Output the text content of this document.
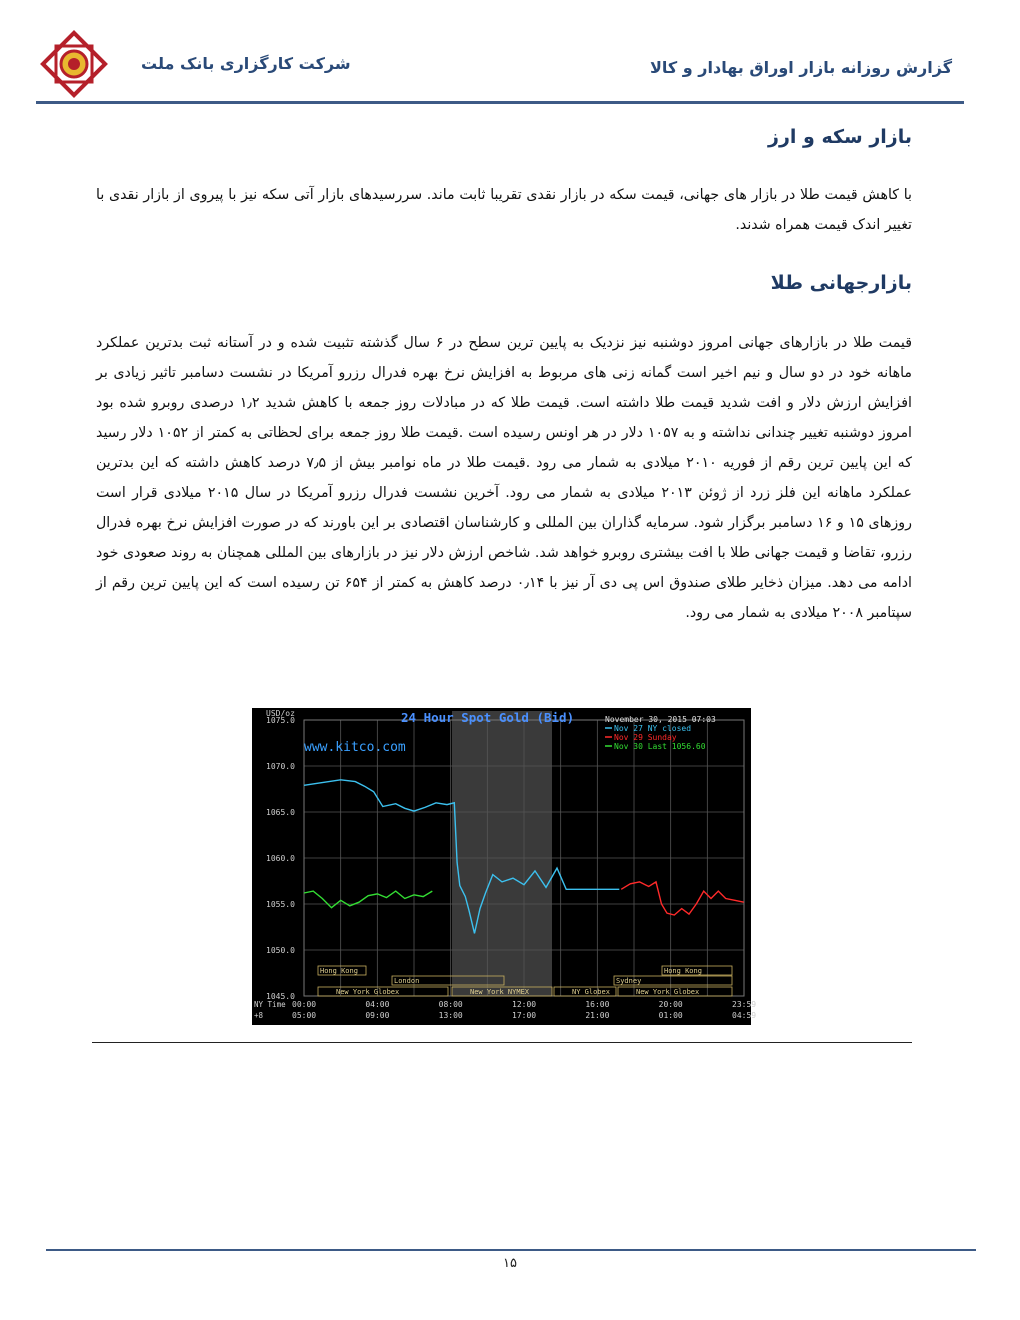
شرکت کارگزاری بانک ملت	گزارش روزانه بازار اوراق بهادار و کالا
بازار سکه و ارز
با کاهش قیمت طلا در بازار های جهانی، قیمت سکه در بازار نقدی تقریبا ثابت ماند. سررسیدهای بازار آتی سکه نیز با پیروی از بازار نقدی با تغییر اندک قیمت همراه شدند.
بازارجهانی طلا
قیمت طلا در بازارهای جهانی امروز دوشنبه نیز نزدیک به پایین ترین سطح در ۶ سال گذشته تثبیت شده و در آستانه ثبت بدترین عملکرد ماهانه خود در دو سال و نیم اخیر است گمانه زنی های مربوط به افزایش نرخ بهره فدرال رزرو آمریکا در نشست دسامبر تاثیر زیادی بر افزایش ارزش دلار و افت شدید قیمت طلا داشته است. قیمت طلا که در مبادلات روز جمعه با کاهش شدید ۱٫۲ درصدی روبرو شده بود امروز دوشنبه تغییر چندانی نداشته و به ۱۰۵۷ دلار در هر اونس رسیده است .قیمت طلا روز جمعه برای لحظاتی به کمتر از ۱۰۵۲ دلار رسید که این پایین ترین رقم از فوریه ۲۰۱۰ میلادی به شمار می رود .قیمت طلا در ماه نوامبر بیش از ۷٫۵ درصد کاهش داشته که این بدترین عملکرد ماهانه این فلز زرد از ژوئن ۲۰۱۳ میلادی به شمار می رود. آخرین نشست فدرال رزرو آمریکا در سال ۲۰۱۵ میلادی قرار است روزهای ۱۵ و ۱۶ دسامبر برگزار شود. سرمایه گذاران بین المللی و کارشناسان اقتصادی بر این باورند که در صورت افزایش نرخ بهره فدرال رزرو، تقاضا و قیمت جهانی طلا با افت بیشتری روبرو خواهد شد. شاخص ارزش دلار نیز در بازارهای بین المللی همچنان به روند صعودی خود ادامه می دهد. میزان ذخایر طلای صندوق اس پی دی آر نیز با ۰٫۱۴ درصد کاهش به کمتر از ۶۵۴ تن رسیده است که این پایین ترین رقم از سپتامبر ۲۰۰۸ میلادی به شمار می رود.
24 Hour Spot Gold (Bid)
www.kitco.com
USD/oz
November 30, 2015 07:03
Nov 27 NY closed
Nov 29 Sunday
Nov 30 Last 1056.60
1075.0
1070.0
1065.0
1060.0
1055.0
1050.0
1045.0
Hong Kong
London
Hong Kong
Sydney
New York Globex	New York NYMEX	NY Globex	New York Globex
NY Time 00:00	04:00	08:00	12:00	16:00	20:00	23:59
+8	05:00	09:00	13:00	17:00	21:00	01:00	04:59
۱۵
